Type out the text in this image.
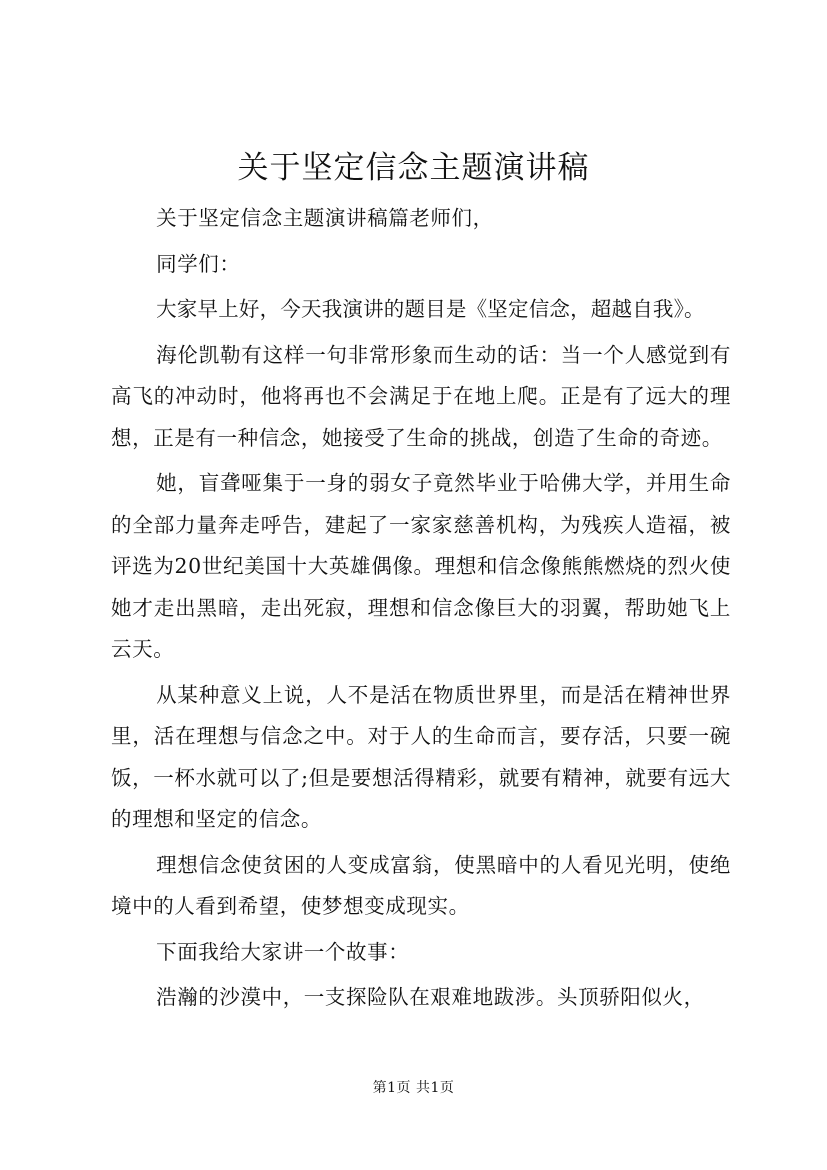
关于坚定信念主题演讲稿

关于坚定信念主题演讲稿篇老师们，

同学们：

大家早上好，今天我演讲的题目是《坚定信念，超越自我》。

海伦凯勒有这样一句非常形象而生动的话：当一个人感觉到有高飞的冲动时，他将再也不会满足于在地上爬。正是有了远大的理想，正是有一种信念，她接受了生命的挑战，创造了生命的奇迹。

她，盲聋哑集于一身的弱女子竟然毕业于哈佛大学，并用生命的全部力量奔走呼告，建起了一家家慈善机构，为残疾人造福，被评选为20世纪美国十大英雄偶像。理想和信念像熊熊燃烧的烈火使她才走出黑暗，走出死寂，理想和信念像巨大的羽翼，帮助她飞上云天。

从某种意义上说，人不是活在物质世界里，而是活在精神世界里，活在理想与信念之中。对于人的生命而言，要存活，只要一碗饭，一杯水就可以了;但是要想活得精彩，就要有精神，就要有远大的理想和坚定的信念。

理想信念使贫困的人变成富翁，使黑暗中的人看见光明，使绝境中的人看到希望，使梦想变成现实。

下面我给大家讲一个故事：

浩瀚的沙漠中，一支探险队在艰难地跋涉。头顶骄阳似火，

第1页 共1页
